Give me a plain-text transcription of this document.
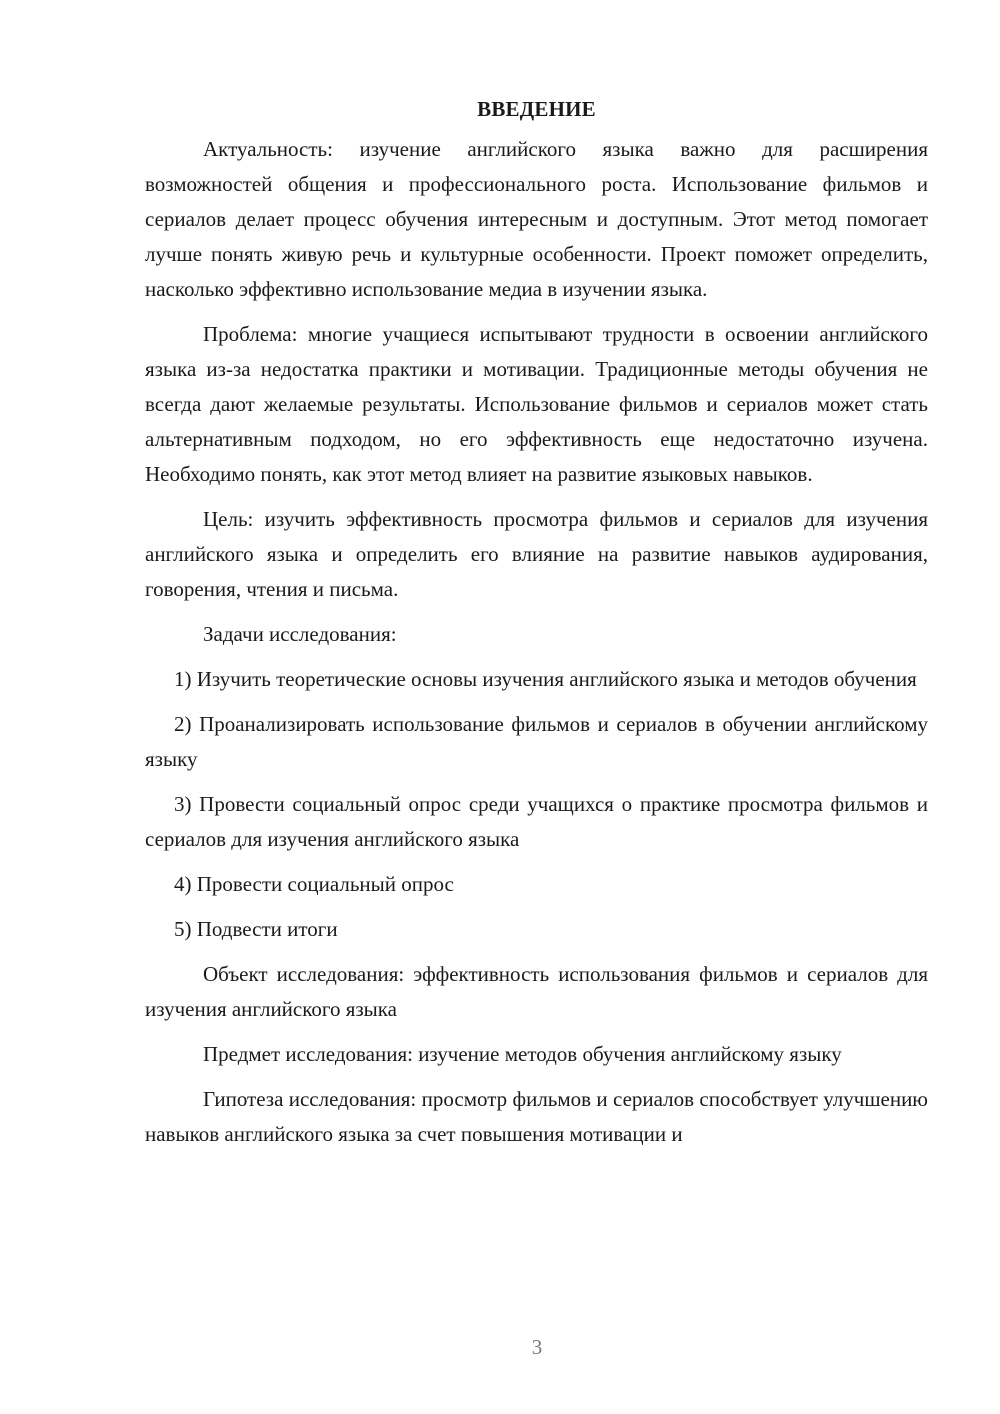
ВВЕДЕНИЕ

Актуальность: изучение английского языка важно для расширения возможностей общения и профессионального роста. Использование фильмов и сериалов делает процесс обучения интересным и доступным. Этот метод помогает лучше понять живую речь и культурные особенности. Проект поможет определить, насколько эффективно использование медиа в изучении языка.

Проблема: многие учащиеся испытывают трудности в освоении английского языка из-за недостатка практики и мотивации. Традиционные методы обучения не всегда дают желаемые результаты. Использование фильмов и сериалов может стать альтернативным подходом, но его эффективность еще недостаточно изучена. Необходимо понять, как этот метод влияет на развитие языковых навыков.

Цель: изучить эффективность просмотра фильмов и сериалов для изучения английского языка и определить его влияние на развитие навыков аудирования, говорения, чтения и письма.

Задачи исследования:

1) Изучить теоретические основы изучения английского языка и методов обучения

2) Проанализировать использование фильмов и сериалов в обучении английскому языку

3) Провести социальный опрос среди учащихся о практике просмотра фильмов и сериалов для изучения английского языка

4) Провести социальный опрос

5) Подвести итоги

Объект исследования: эффективность использования фильмов и сериалов для изучения английского языка

Предмет исследования: изучение методов обучения английскому языку

Гипотеза исследования: просмотр фильмов и сериалов способствует улучшению навыков английского языка за счет повышения мотивации и

3
